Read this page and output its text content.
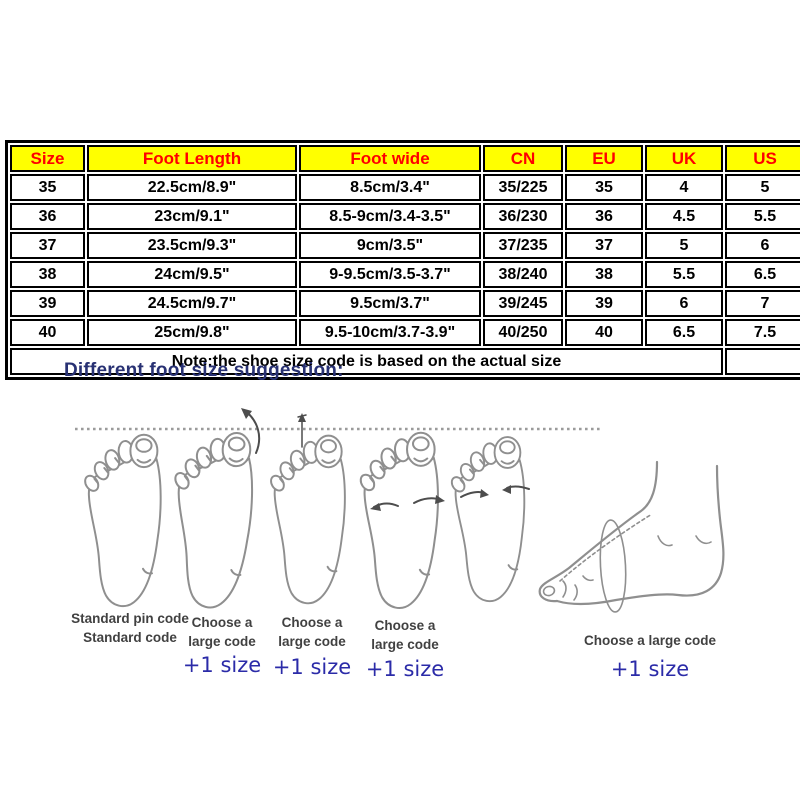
Size	Foot Length	Foot wide	CN	EU	UK	US
35	22.5cm/8.9"	8.5cm/3.4"	35/225	35	4	5
36	23cm/9.1"	8.5-9cm/3.4-3.5"	36/230	36	4.5	5.5
37	23.5cm/9.3"	9cm/3.5"	37/235	37	5	6
38	24cm/9.5"	9-9.5cm/3.5-3.7"	38/240	38	5.5	6.5
39	24.5cm/9.7"	9.5cm/3.7"	39/245	39	6	7
40	25cm/9.8"	9.5-10cm/3.7-3.9"	40/250	40	6.5	7.5
Note:the shoe size code is based on the actual size						
Different foot size suggestion:
Standard pin code
Standard code
Choose a
large code
+1 size
Choose a
large code
+1 size
Choose a
large code
+1 size
Choose a large code
+1 size
